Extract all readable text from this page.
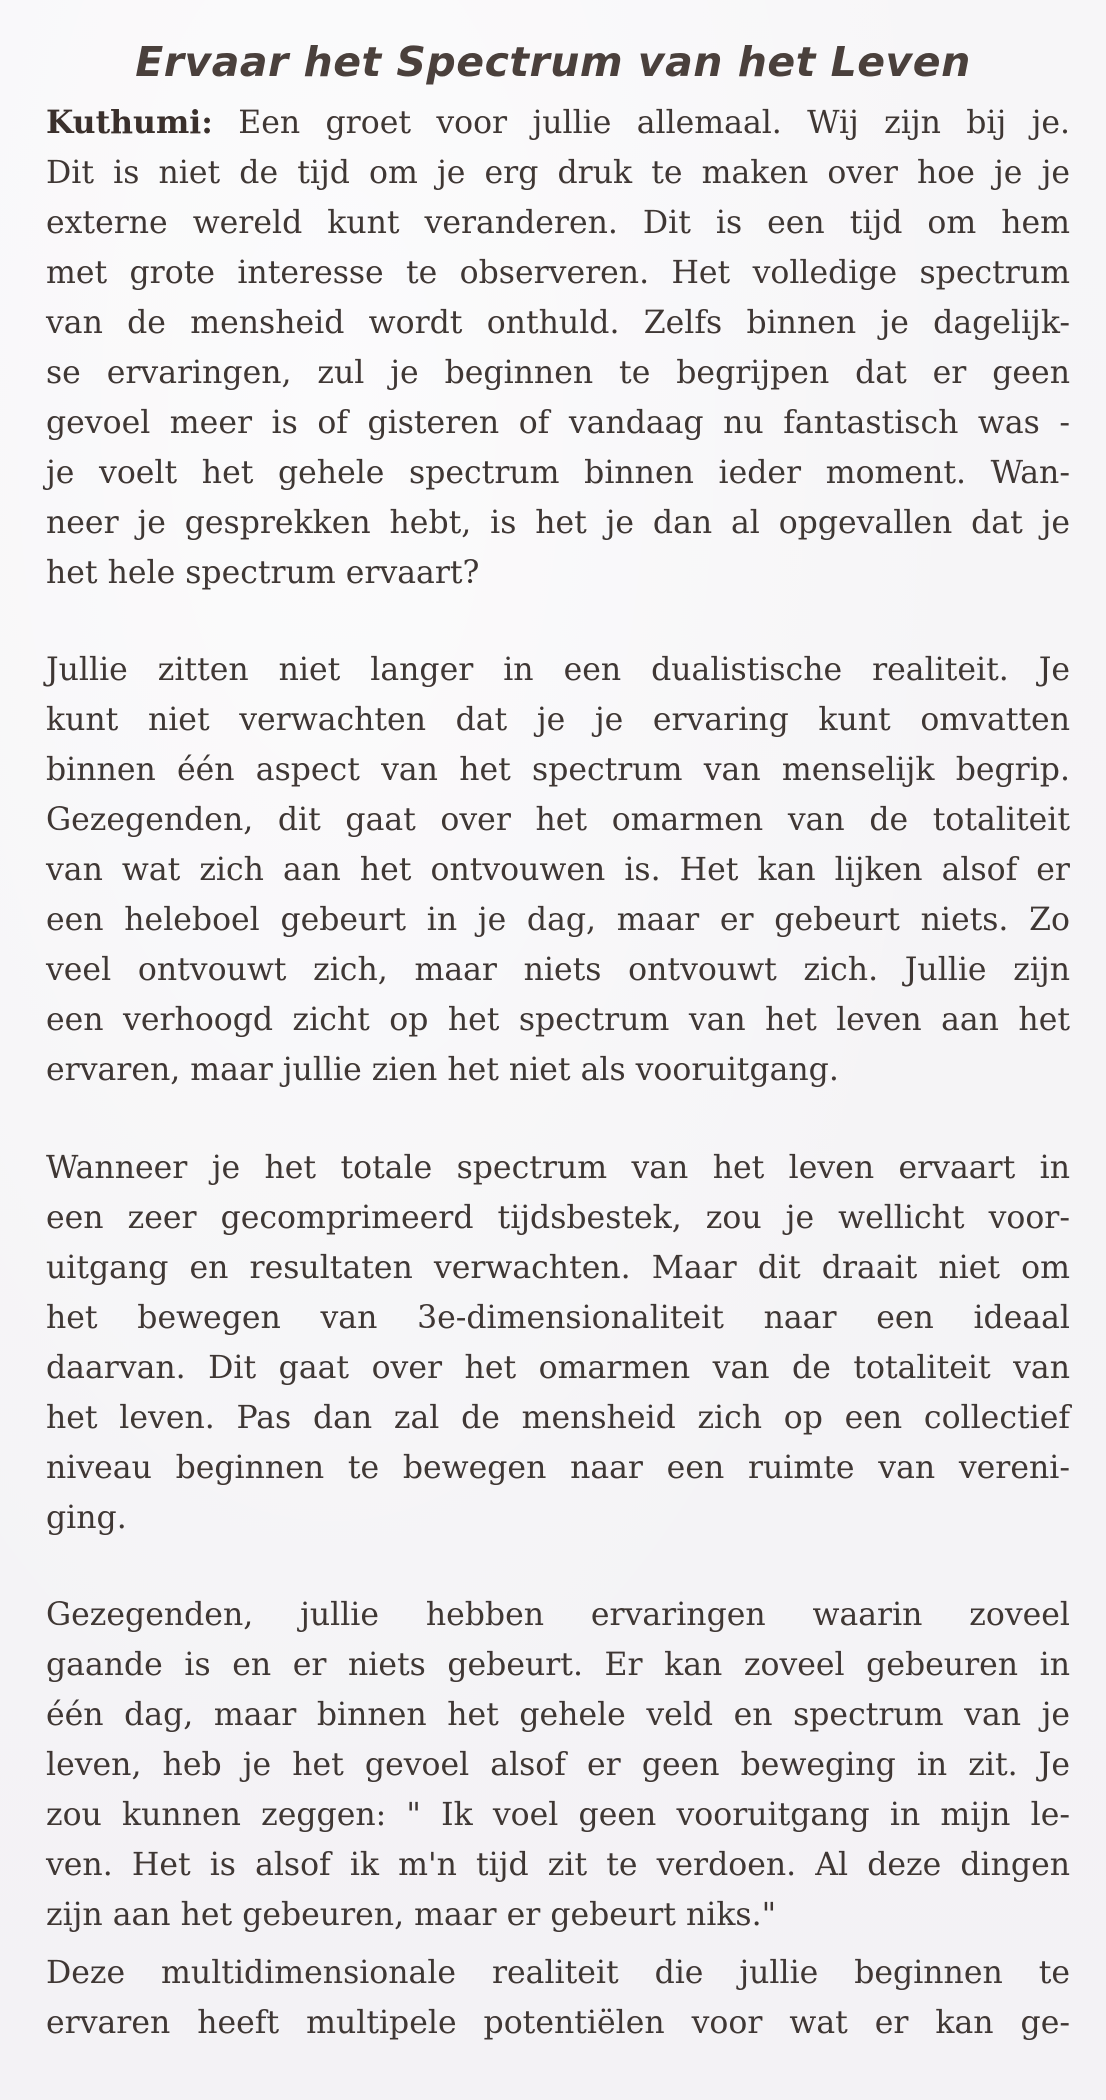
Ervaar het Spectrum van het Leven

Kuthumi: Een groet voor jullie allemaal. Wij zijn bij je.
Dit is niet de tijd om je erg druk te maken over hoe je je
externe wereld kunt veranderen. Dit is een tijd om hem
met grote interesse te observeren. Het volledige spectrum
van de mensheid wordt onthuld. Zelfs binnen je dagelijk-
se ervaringen, zul je beginnen te begrijpen dat er geen
gevoel meer is of gisteren of vandaag nu fantastisch was -
je voelt het gehele spectrum binnen ieder moment. Wan-
neer je gesprekken hebt, is het je dan al opgevallen dat je
het hele spectrum ervaart?

Jullie zitten niet langer in een dualistische realiteit. Je
kunt niet verwachten dat je je ervaring kunt omvatten
binnen één aspect van het spectrum van menselijk begrip.
Gezegenden, dit gaat over het omarmen van de totaliteit
van wat zich aan het ontvouwen is. Het kan lijken alsof er
een heleboel gebeurt in je dag, maar er gebeurt niets. Zo
veel ontvouwt zich, maar niets ontvouwt zich. Jullie zijn
een verhoogd zicht op het spectrum van het leven aan het
ervaren, maar jullie zien het niet als vooruitgang.

Wanneer je het totale spectrum van het leven ervaart in
een zeer gecomprimeerd tijdsbestek, zou je wellicht voor-
uitgang en resultaten verwachten. Maar dit draait niet om
het bewegen van 3e-dimensionaliteit naar een ideaal
daarvan. Dit gaat over het omarmen van de totaliteit van
het leven. Pas dan zal de mensheid zich op een collectief
niveau beginnen te bewegen naar een ruimte van vereni-
ging.

Gezegenden, jullie hebben ervaringen waarin zoveel
gaande is en er niets gebeurt. Er kan zoveel gebeuren in
één dag, maar binnen het gehele veld en spectrum van je
leven, heb je het gevoel alsof er geen beweging in zit. Je
zou kunnen zeggen: " Ik voel geen vooruitgang in mijn le-
ven. Het is alsof ik m'n tijd zit te verdoen. Al deze dingen
zijn aan het gebeuren, maar er gebeurt niks."

Deze multidimensionale realiteit die jullie beginnen te
ervaren heeft multipele potentiëlen voor wat er kan ge-
